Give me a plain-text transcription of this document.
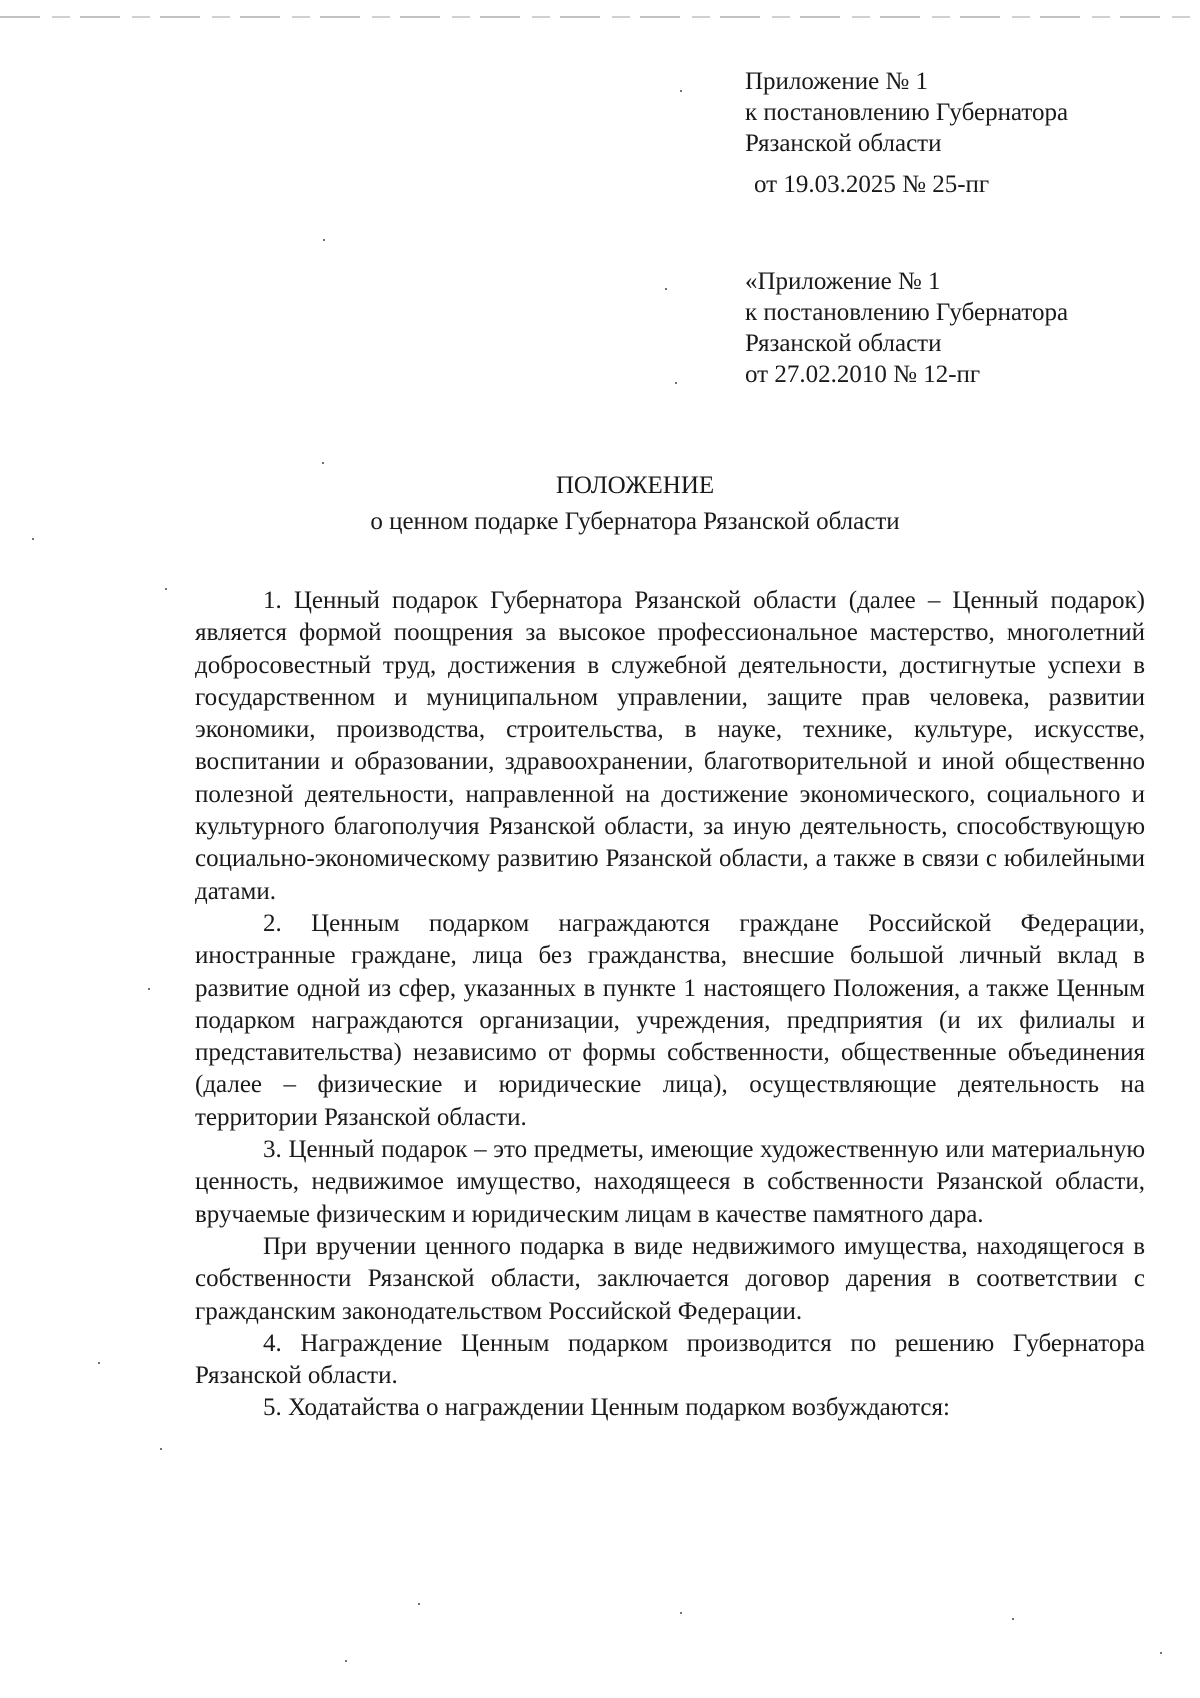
Приложение № 1
к постановлению Губернатора
Рязанской области
от 19.03.2025 № 25-пг
«Приложение № 1
к постановлению Губернатора
Рязанской области
от 27.02.2010 № 12-пг
ПОЛОЖЕНИЕ
о ценном подарке Губернатора Рязанской области

1. Ценный подарок Губернатора Рязанской области (далее – Ценный подарок) является формой поощрения за высокое профессиональное мастерство, многолетний добросовестный труд, достижения в служебной деятельности, достигнутые успехи в государственном и муниципальном управлении, защите прав человека, развитии экономики, производства, строительства, в науке, технике, культуре, искусстве, воспитании и образовании, здравоохранении, благотворительной и иной общественно полезной деятельности, направленной на достижение экономического, социального и культурного благополучия Рязанской области, за иную деятельность, способствующую социально-экономическому развитию Рязанской области, а также в связи с юбилейными датами.

2. Ценным подарком награждаются граждане Российской Федерации, иностранные граждане, лица без гражданства, внесшие большой личный вклад в развитие одной из сфер, указанных в пункте 1 настоящего Положения, а также Ценным подарком награждаются организации, учреждения, предприятия (и их филиалы и представительства) независимо от формы собственности, общественные объединения (далее – физические и юридические лица), осуществляющие деятельность на территории Рязанской области.

3. Ценный подарок – это предметы, имеющие художественную или материальную ценность, недвижимое имущество, находящееся в собственности Рязанской области, вручаемые физическим и юридическим лицам в качестве памятного дара.

При вручении ценного подарка в виде недвижимого имущества, находящегося в собственности Рязанской области, заключается договор дарения в соответствии с гражданским законодательством Российской Федерации.

4. Награждение Ценным подарком производится по решению Губернатора Рязанской области.

5. Ходатайства о награждении Ценным подарком возбуждаются:
